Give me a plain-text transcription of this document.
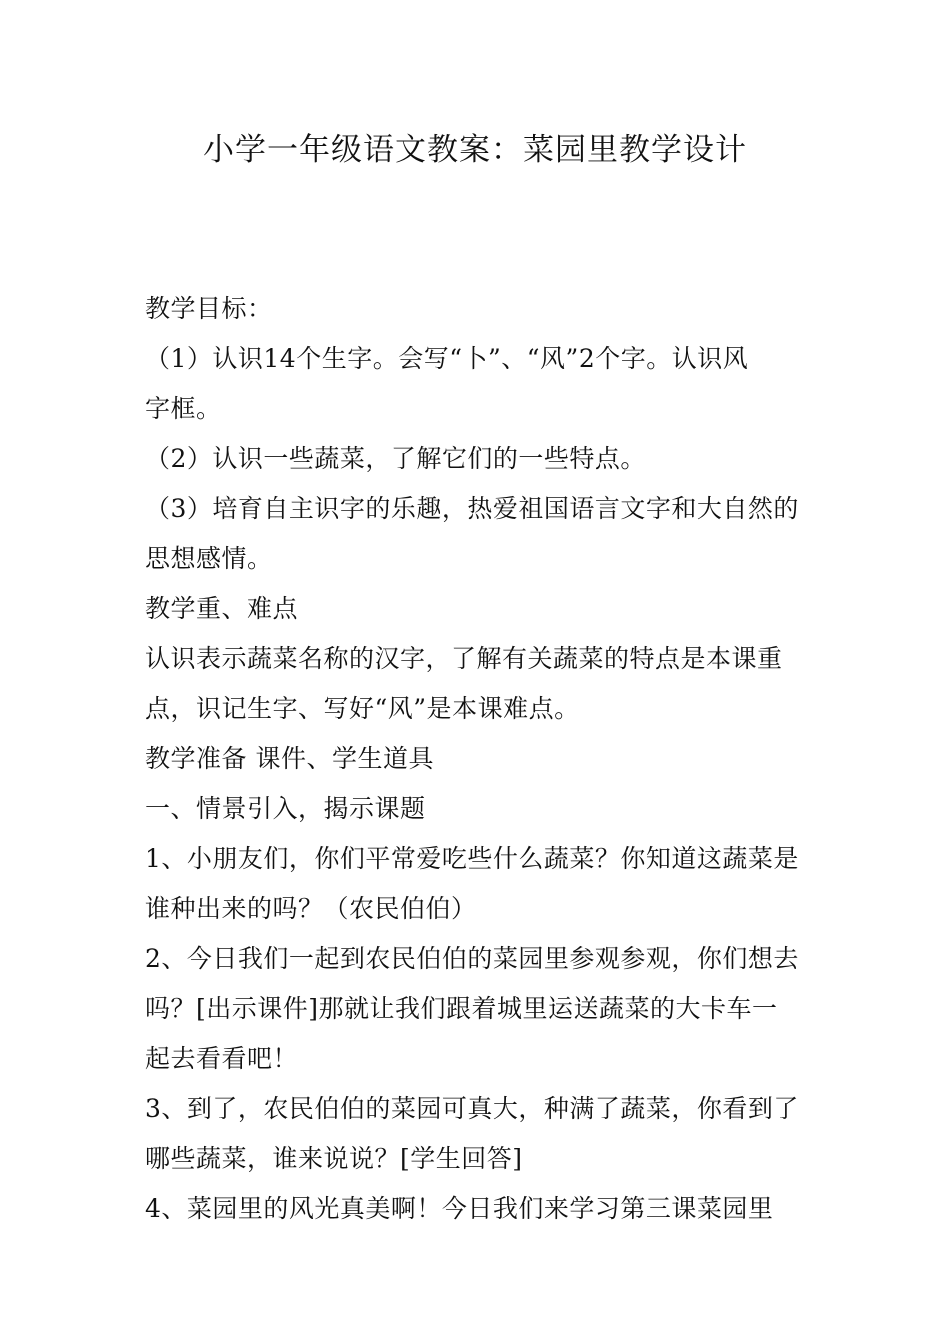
小学一年级语文教案：菜园里教学设计

教学目标：

（1）认识14个生字。会写“卜”、“风”2个字。认识风

字框。

（2）认识一些蔬菜，了解它们的一些特点。

（3）培育自主识字的乐趣，热爱祖国语言文字和大自然的

思想感情。

教学重、难点

认识表示蔬菜名称的汉字，了解有关蔬菜的特点是本课重

点，识记生字、写好“风”是本课难点。

教学准备 课件、学生道具

一、情景引入，揭示课题

1、小朋友们，你们平常爱吃些什么蔬菜？你知道这蔬菜是

谁种出来的吗？（农民伯伯）

2、今日我们一起到农民伯伯的菜园里参观参观，你们想去

吗？[出示课件]那就让我们跟着城里运送蔬菜的大卡车一

起去看看吧！

3、到了，农民伯伯的菜园可真大，种满了蔬菜，你看到了

哪些蔬菜，谁来说说？[学生回答]

4、菜园里的风光真美啊！今日我们来学习第三课菜园里
